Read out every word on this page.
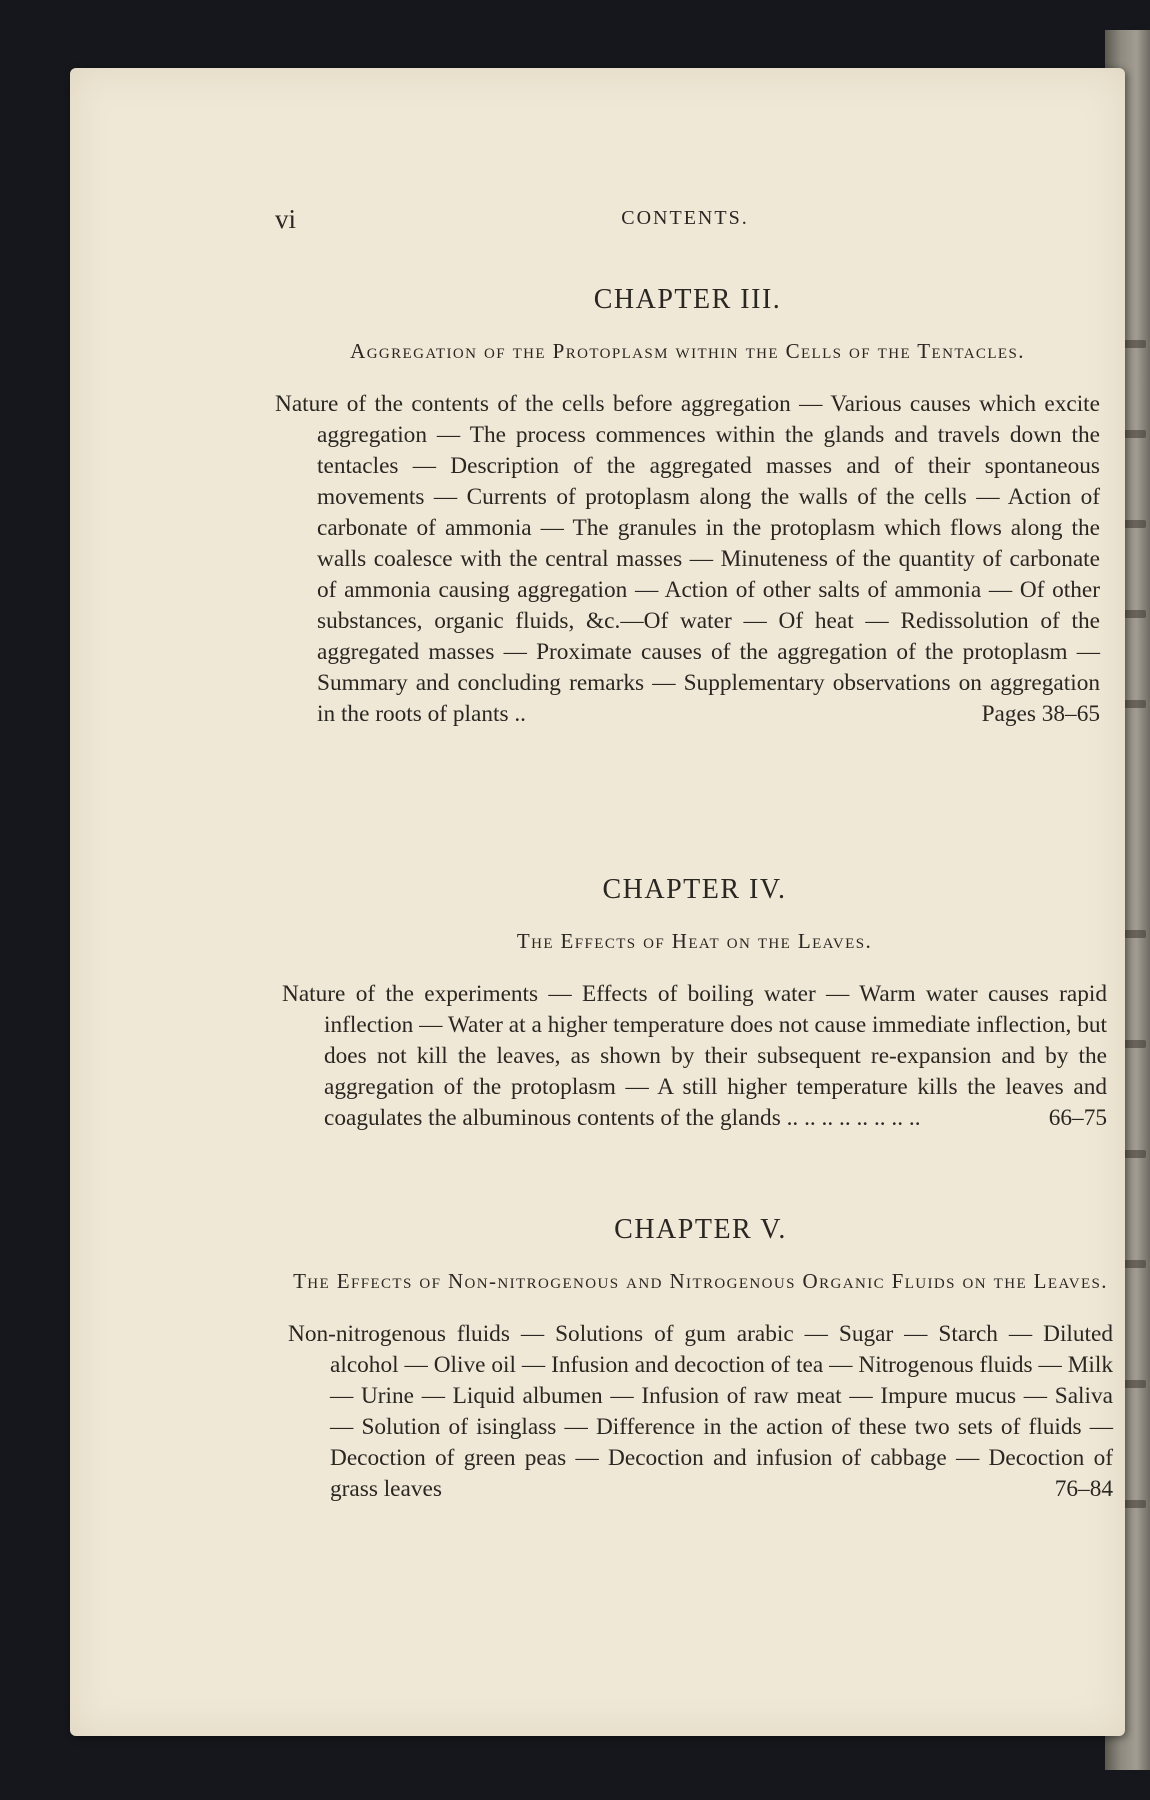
vi	CONTENTS.
CHAPTER III.
Aggregation of the Protoplasm within the Cells of the Tentacles.

Nature of the contents of the cells before aggregation — Various causes which excite aggregation — The process commences within the glands and travels down the tentacles — Description of the aggregated masses and of their spontaneous movements — Currents of protoplasm along the walls of the cells — Action of carbonate of ammonia — The granules in the protoplasm which flows along the walls coalesce with the central masses — Minuteness of the quantity of carbonate of ammonia causing aggregation — Action of other salts of ammonia — Of other substances, organic fluids, &c.—Of water — Of heat — Redissolution of the aggregated masses — Proximate causes of the aggregation of the protoplasm — Summary and concluding remarks — Supplementary observations on aggregation in the roots of plants ..	Pages 38–65

CHAPTER IV.
The Effects of Heat on the Leaves.

Nature of the experiments — Effects of boiling water — Warm water causes rapid inflection — Water at a higher temperature does not cause immediate inflection, but does not kill the leaves, as shown by their subsequent re-expansion and by the aggregation of the protoplasm — A still higher temperature kills the leaves and coagulates the albuminous contents of the glands .. .. .. .. .. .. .. ..	66–75

CHAPTER V.
The Effects of Non-nitrogenous and Nitrogenous Organic Fluids on the Leaves.

Non-nitrogenous fluids — Solutions of gum arabic — Sugar — Starch — Diluted alcohol — Olive oil — Infusion and decoction of tea — Nitrogenous fluids — Milk — Urine — Liquid albumen — Infusion of raw meat — Impure mucus — Saliva — Solution of isinglass — Difference in the action of these two sets of fluids — Decoction of green peas — Decoction and infusion of cabbage — Decoction of grass leaves	76–84
